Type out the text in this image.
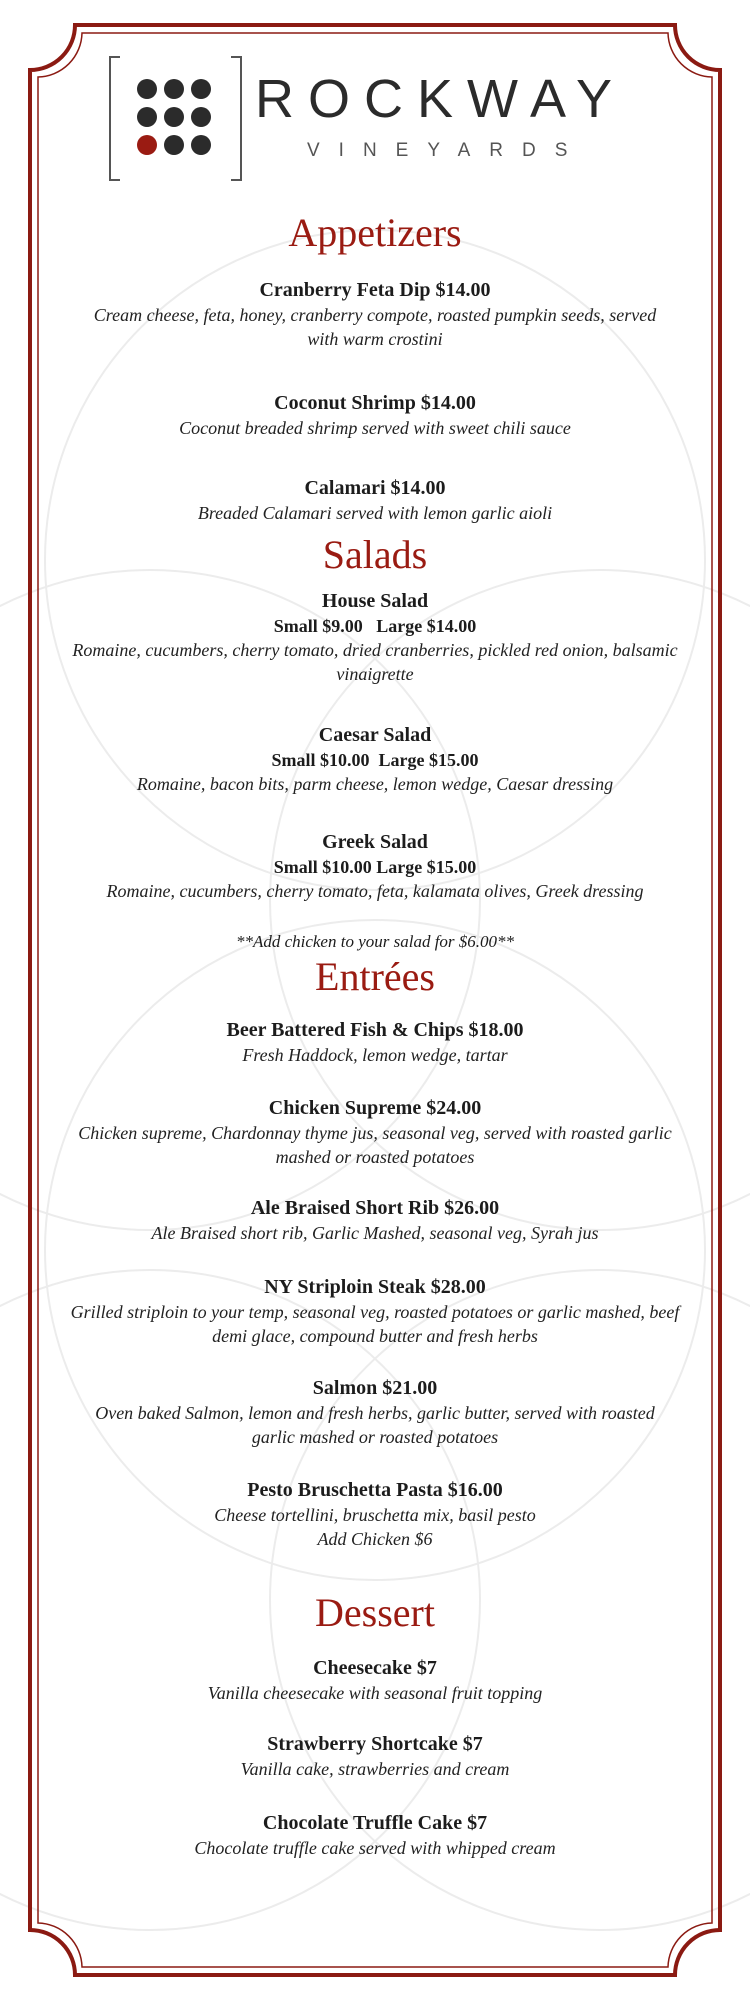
ROCKWAY
VINEYARDS
Appetizers
Cranberry Feta Dip $14.00
Cream cheese, feta, honey, cranberry compote, roasted pumpkin seeds, served with warm crostini
Coconut Shrimp $14.00
Coconut breaded shrimp served with sweet chili sauce
Calamari $14.00
Breaded Calamari served with lemon garlic aioli
Salads
House Salad
Small $9.00   Large $14.00
Romaine, cucumbers, cherry tomato, dried cranberries, pickled red onion, balsamic vinaigrette
Caesar Salad
Small $10.00  Large $15.00
Romaine, bacon bits, parm cheese, lemon wedge, Caesar dressing
Greek Salad
Small $10.00 Large $15.00
Romaine, cucumbers, cherry tomato, feta, kalamata olives, Greek dressing
**Add chicken to your salad for $6.00**
Entrées
Beer Battered Fish & Chips $18.00
Fresh Haddock, lemon wedge, tartar
Chicken Supreme $24.00
Chicken supreme, Chardonnay thyme jus, seasonal veg, served with roasted garlic mashed or roasted potatoes
Ale Braised Short Rib $26.00
Ale Braised short rib, Garlic Mashed, seasonal veg, Syrah jus
NY Striploin Steak $28.00
Grilled striploin to your temp, seasonal veg, roasted potatoes or garlic mashed, beef demi glace, compound butter and fresh herbs
Salmon $21.00
Oven baked Salmon, lemon and fresh herbs, garlic butter, served with roasted garlic mashed or roasted potatoes
Pesto Bruschetta Pasta $16.00
Cheese tortellini, bruschetta mix, basil pesto
Add Chicken $6
Dessert
Cheesecake $7
Vanilla cheesecake with seasonal fruit topping
Strawberry Shortcake $7
Vanilla cake, strawberries and cream
Chocolate Truffle Cake $7
Chocolate truffle cake served with whipped cream
